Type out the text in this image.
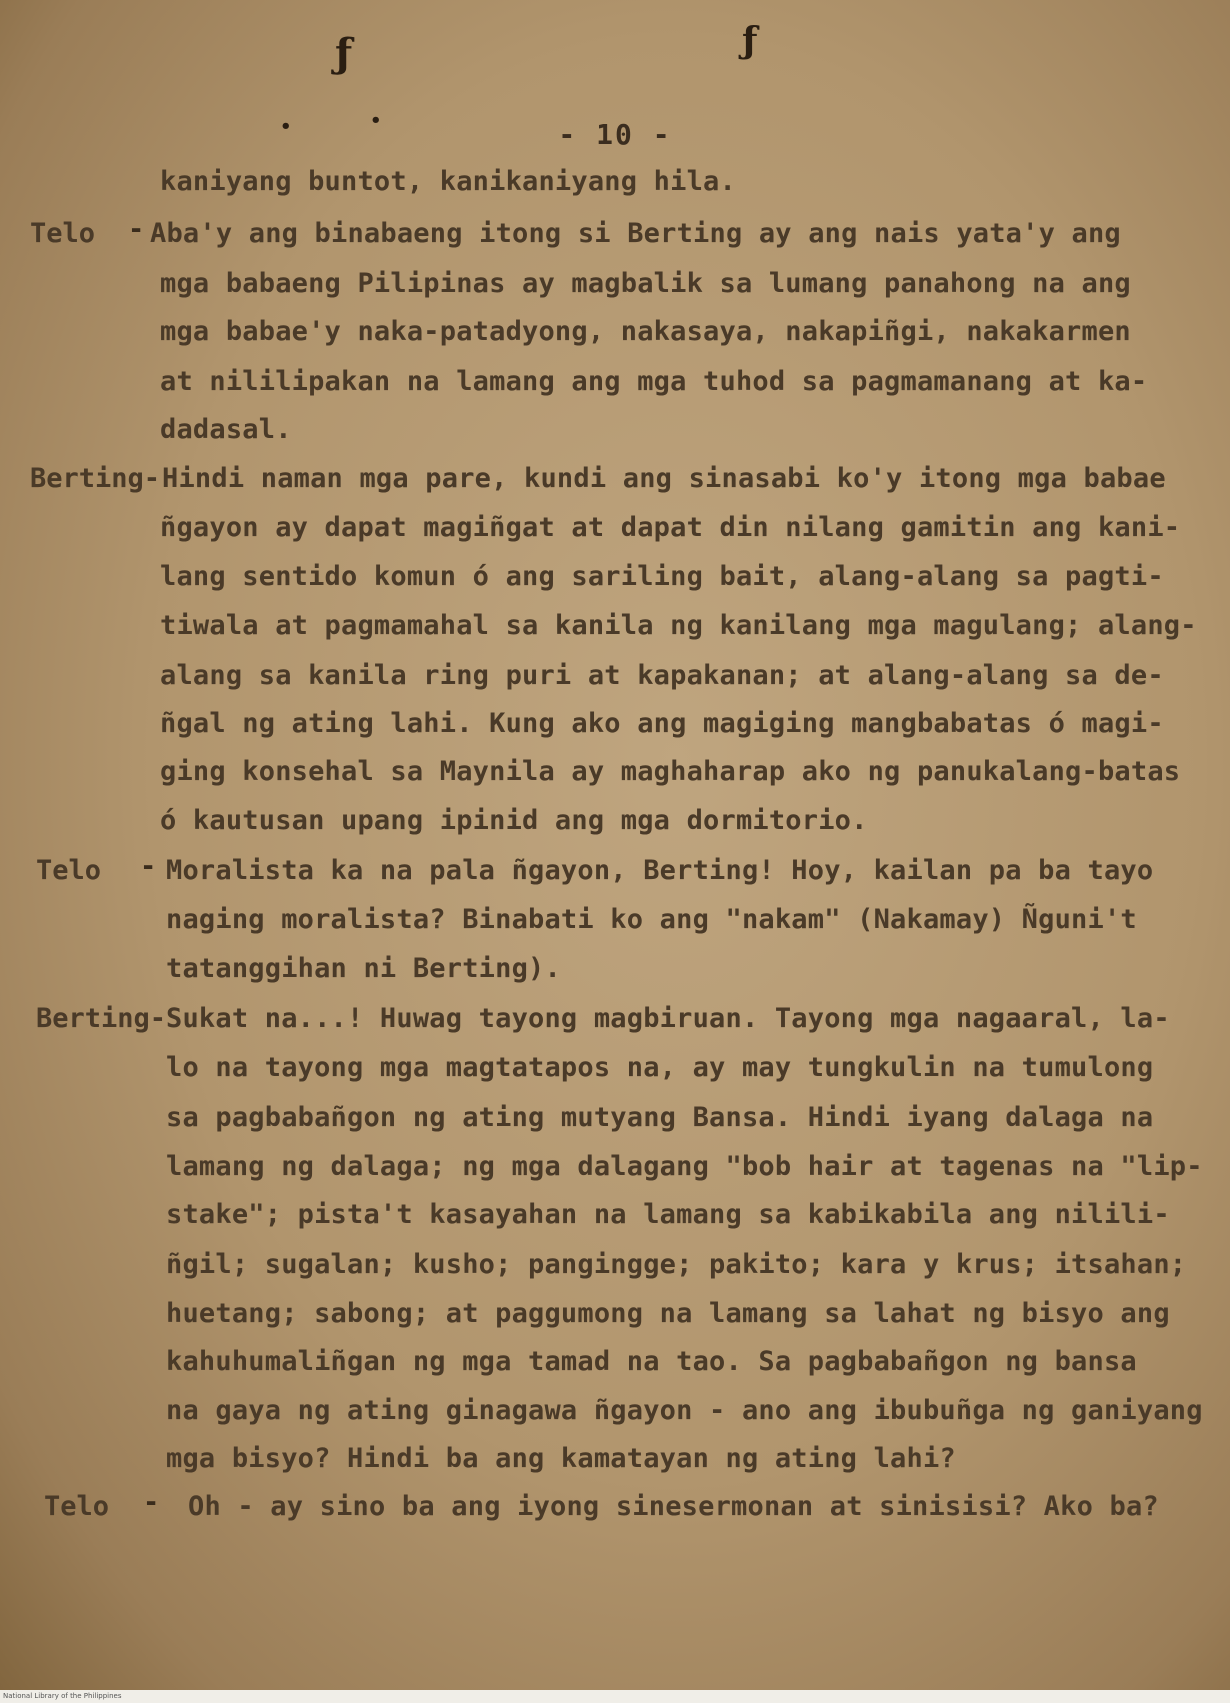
ƒ	ƒ
•	•	- 10 -
Telo -
Berting-
Telo -
Berting-
Telo -
kaniyang buntot, kanikaniyang hila.
Aba'y ang binabaeng itong si Berting ay ang nais yata'y ang
mga babaeng Pilipinas ay magbalik sa lumang panahong na ang
mga babae'y naka-patadyong, nakasaya, nakapiñgi, nakakarmen
at nililipakan na lamang ang mga tuhod sa pagmamanang at ka-
dadasal.
Hindi naman mga pare, kundi ang sinasabi ko'y itong mga babae
ñgayon ay dapat magiñgat at dapat din nilang gamitin ang kani-
lang sentido komun ó ang sariling bait, alang-alang sa pagti-
tiwala at pagmamahal sa kanila ng kanilang mga magulang; alang-
alang sa kanila ring puri at kapakanan; at alang-alang sa de-
ñgal ng ating lahi. Kung ako ang magiging mangbabatas ó magi-
ging konsehal sa Maynila ay maghaharap ako ng panukalang-batas
ó kautusan upang ipinid ang mga dormitorio.
Moralista ka na pala ñgayon, Berting! Hoy, kailan pa ba tayo
naging moralista? Binabati ko ang "nakam" (Nakamay) Ñguni't
tatanggihan ni Berting).
Sukat na...! Huwag tayong magbiruan. Tayong mga nagaaral, la-
lo na tayong mga magtatapos na, ay may tungkulin na tumulong
sa pagbabañgon ng ating mutyang Bansa. Hindi iyang dalaga na
lamang ng dalaga; ng mga dalagang "bob hair at tagenas na "lip-
stake"; pista't kasayahan na lamang sa kabikabila ang nilili-
ñgil; sugalan; kusho; pangingge; pakito; kara y krus; itsahan;
huetang; sabong; at paggumong na lamang sa lahat ng bisyo ang
kahuhumaliñgan ng mga tamad na tao. Sa pagbabañgon ng bansa
na gaya ng ating ginagawa ñgayon - ano ang ibubuñga ng ganiyang
mga bisyo? Hindi ba ang kamatayan ng ating lahi?
Oh - ay sino ba ang iyong sinesermonan at sinisisi? Ako ba?
National Library of the Philippines
